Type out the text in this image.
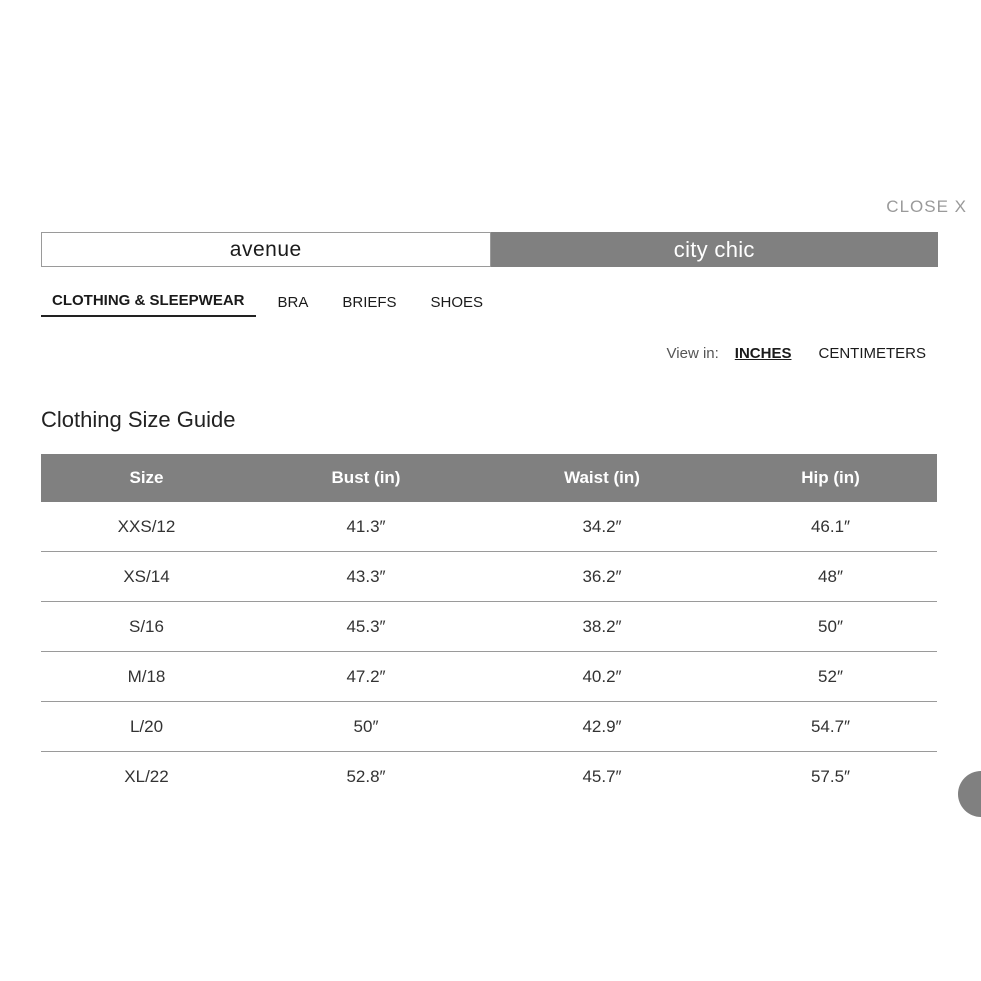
CLOSE X
avenue	city chic
CLOTHING & SLEEPWEAR	BRA	BRIEFS	SHOES
View in: INCHES CENTIMETERS
Clothing Size Guide
Size	Bust (in)	Waist (in)	Hip (in)
XXS/12	41.3″	34.2″	46.1″
XS/14	43.3″	36.2″	48″
S/16	45.3″	38.2″	50″
M/18	47.2″	40.2″	52″
L/20	50″	42.9″	54.7″
XL/22	52.8″	45.7″	57.5″
